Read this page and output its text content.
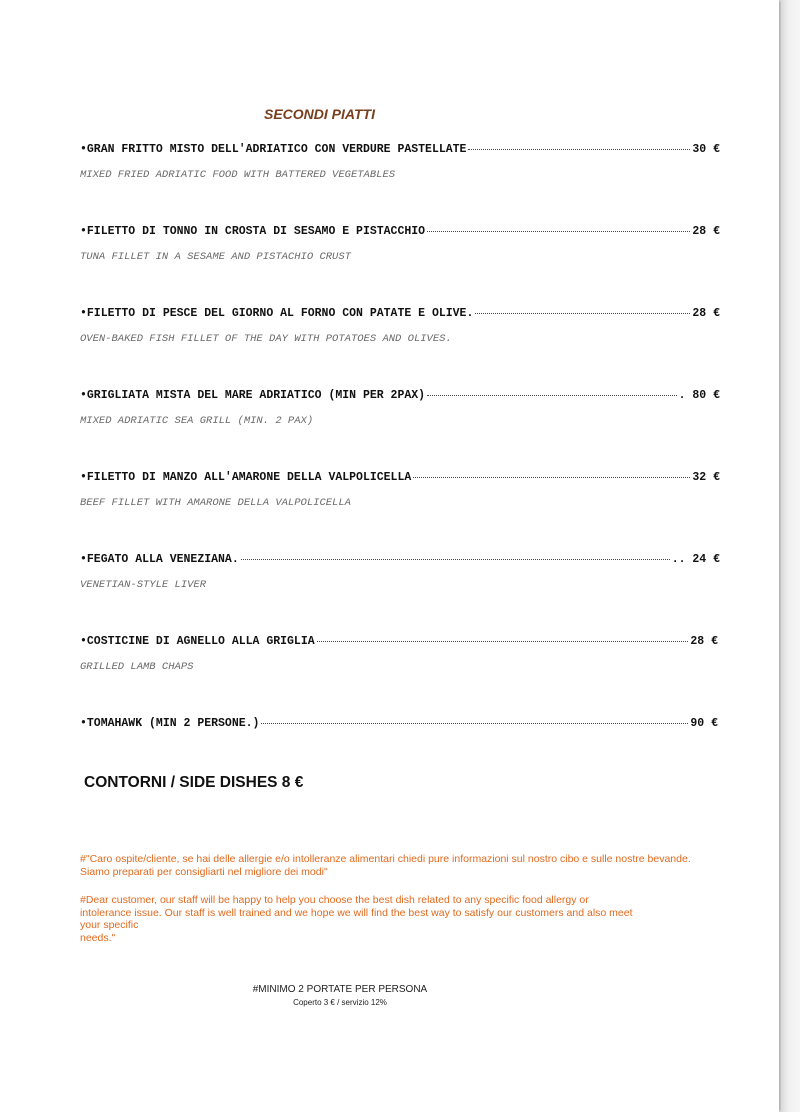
SECONDI PIATTI
•GRAN FRITTO MISTO DELL'ADRIATICO CON VERDURE PASTELLATE	30 €
MIXED FRIED ADRIATIC FOOD WITH BATTERED VEGETABLES
•FILETTO DI TONNO IN CROSTA DI SESAMO E PISTACCHIO	28 €
TUNA FILLET IN A SESAME AND PISTACHIO CRUST
•FILETTO DI PESCE DEL GIORNO AL FORNO CON PATATE E OLIVE.	28 €
OVEN-BAKED FISH FILLET OF THE DAY WITH POTATOES AND OLIVES.
•GRIGLIATA MISTA DEL MARE ADRIATICO (MIN PER 2PAX)	. 80 €
MIXED ADRIATIC SEA GRILL (MIN. 2 PAX)
•FILETTO DI MANZO ALL'AMARONE DELLA VALPOLICELLA	32 €
BEEF FILLET WITH AMARONE DELLA VALPOLICELLA
•FEGATO ALLA VENEZIANA.	.. 24 €
VENETIAN-STYLE LIVER
•COSTICINE DI AGNELLO ALLA GRIGLIA	28 €
GRILLED LAMB CHAPS
•TOMAHAWK (MIN 2 PERSONE.)	90 €
CONTORNI / SIDE DISHES 8 €
#"Caro ospite/cliente, se hai delle allergie e/o intolleranze alimentari chiedi pure informazioni sul nostro cibo e sulle nostre bevande. Siamo preparati per consigliarti nel migliore dei modi"
#Dear customer, our staff will be happy to help you choose the best dish related to any specific food allergy or
intolerance issue. Our staff is well trained and we hope we will find the best way to satisfy our customers and also meet
your specific
needs."
#MINIMO 2 PORTATE PER PERSONA
Coperto 3 € / servizio 12%
